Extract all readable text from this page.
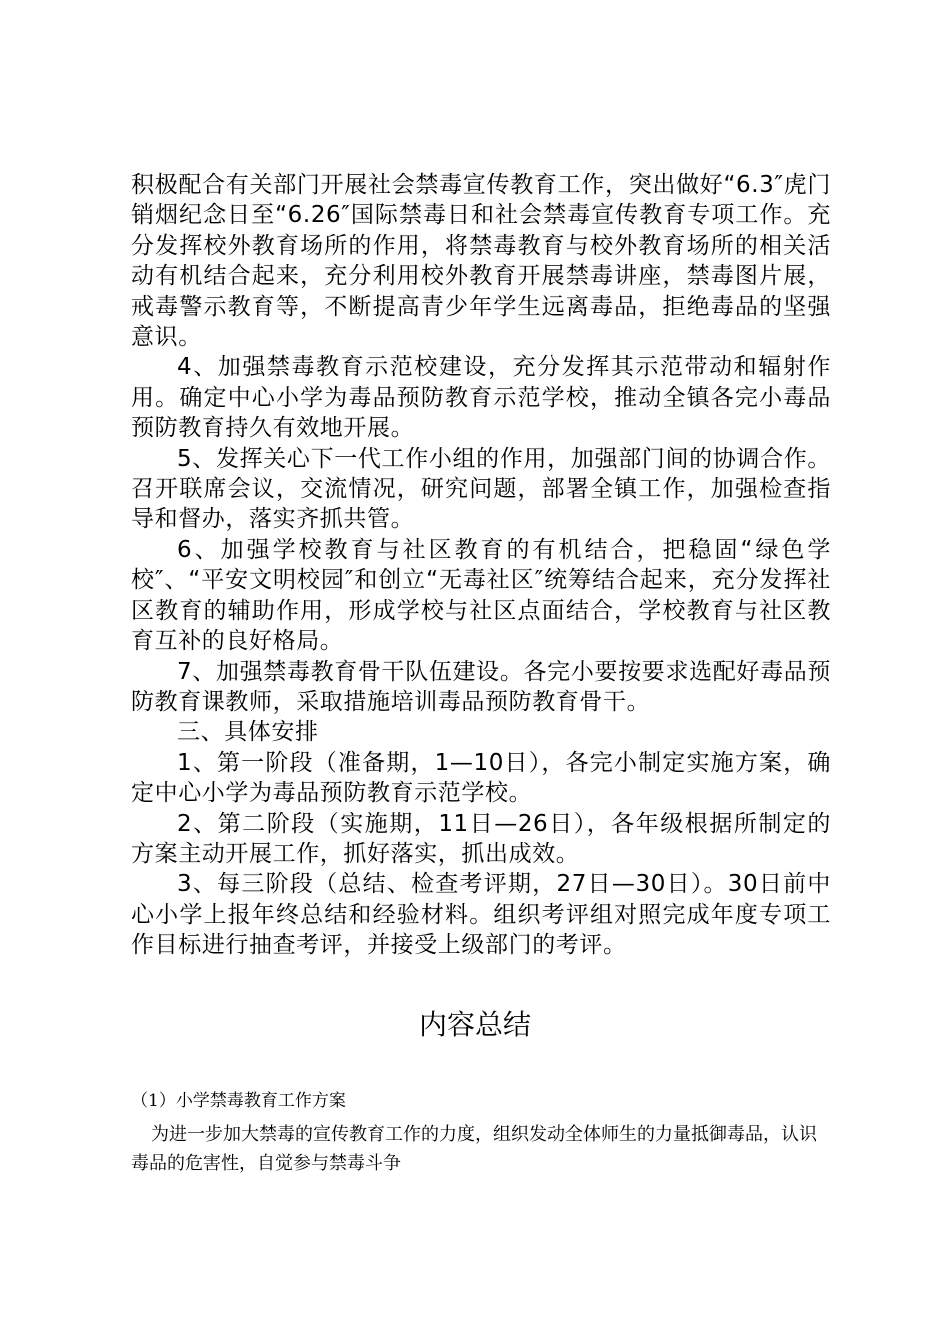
积极配合有关部门开展社会禁毒宣传教育工作，突出做好“6.3″虎门销烟纪念日至“6.26″国际禁毒日和社会禁毒宣传教育专项工作。充分发挥校外教育场所的作用，将禁毒教育与校外教育场所的相关活动有机结合起来，充分利用校外教育开展禁毒讲座，禁毒图片展，戒毒警示教育等，不断提高青少年学生远离毒品，拒绝毒品的坚强意识。

4、加强禁毒教育示范校建设，充分发挥其示范带动和辐射作用。确定中心小学为毒品预防教育示范学校，推动全镇各完小毒品预防教育持久有效地开展。

5、发挥关心下一代工作小组的作用，加强部门间的协调合作。召开联席会议，交流情况，研究问题，部署全镇工作，加强检查指导和督办，落实齐抓共管。

6、加强学校教育与社区教育的有机结合，把稳固“绿色学校″、“平安文明校园″和创立“无毒社区″统筹结合起来，充分发挥社区教育的辅助作用，形成学校与社区点面结合，学校教育与社区教育互补的良好格局。

7、加强禁毒教育骨干队伍建设。各完小要按要求选配好毒品预防教育课教师，采取措施培训毒品预防教育骨干。

三、具体安排

1、第一阶段（准备期，1—10日），各完小制定实施方案，确定中心小学为毒品预防教育示范学校。

2、第二阶段（实施期，11日—26日），各年级根据所制定的方案主动开展工作，抓好落实，抓出成效。

3、每三阶段（总结、检查考评期，27日—30日）。30日前中心小学上报年终总结和经验材料。组织考评组对照完成年度专项工作目标进行抽查考评，并接受上级部门的考评。

内容总结

（1）小学禁毒教育工作方案

为进一步加大禁毒的宣传教育工作的力度，组织发动全体师生的力量抵御毒品，认识毒品的危害性，自觉参与禁毒斗争
